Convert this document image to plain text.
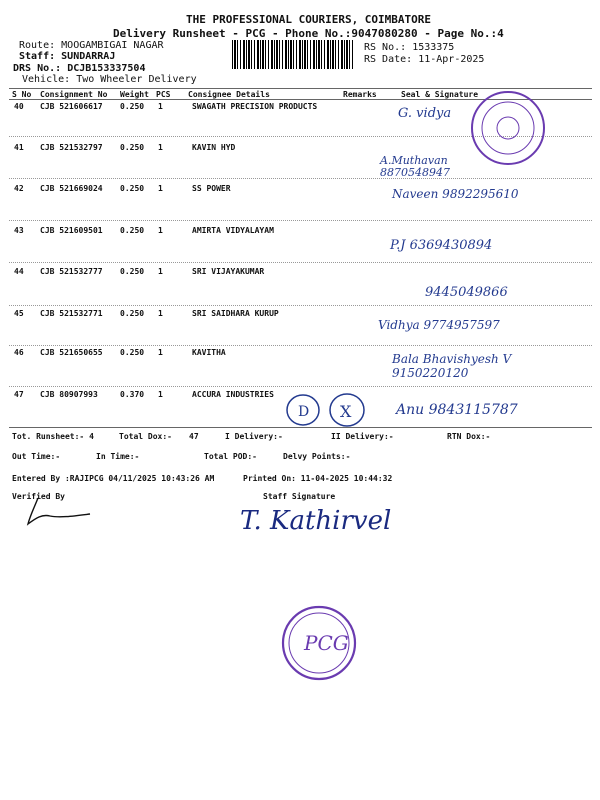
THE PROFESSIONAL COURIERS, COIMBATORE
Delivery Runsheet - PCG - Phone No.:9047080280 - Page No.:4
Route: MOOGAMBIGAI NAGAR
Staff: SUNDARRAJ
DRS No.: DCJB153337504
Vehicle: Two Wheeler Delivery
RS No.: 1533375
RS Date: 11-Apr-2025
S No Consignment No Weight PCS Consignee Details	Remarks	Seal & Signature
40 CJB 521606617 0.250 1	SWAGATH PRECISION PRODUCTS	G. vidya
41 CJB 521532797 0.250 1	KAVIN HYD
A.Muthavan 8870548947
42 CJB 521669024 0.250 1	SS POWER	Naveen 9892295610
43 CJB 521609501 0.250 1	AMIRTA VIDYALAYAM
P.J 6369430894
44 CJB 521532777 0.250 1	SRI VIJAYAKUMAR
9445049866
45 CJB 521532771 0.250 1	SRI SAIDHARA KURUP
Vidhya 9774957597
46 CJB 521650655 0.250 1	KAVITHA	Bala Bhavishyesh V 9150220120
47 CJB 80907993	0.370 1	ACCURA INDUSTRIES
Anu 9843115787
D X
Tot. Runsheet:- 4	Total Dox:- 47	I Delivery:-	II Delivery:-	RTN Dox:-
Out Time:-	In Time:-	Total POD:-	Delvy Points:-
Entered By :RAJIPCG 04/11/2025 10:43:26 AM	Printed On: 11-04-2025 10:44:32
Verified By	Staff Signature
T. Kathirvel
PCG
